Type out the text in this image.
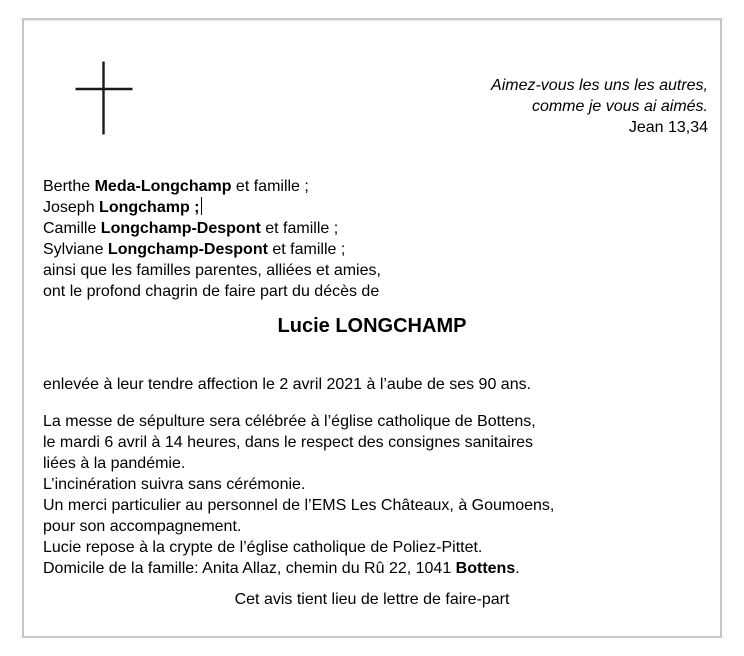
Aimez-vous les uns les autres,
comme je vous ai aimés.
Jean 13,34
Berthe Meda-Longchamp et famille ;
Joseph Longchamp ;
Camille Longchamp-Despont et famille ;
Sylviane Longchamp-Despont et famille ;
ainsi que les familles parentes, alliées et amies,
ont le profond chagrin de faire part du décès de
Lucie LONGCHAMP
enlevée à leur tendre affection le 2 avril 2021 à l’aube de ses 90 ans.
La messe de sépulture sera célébrée à l’église catholique de Bottens,
le mardi 6 avril à 14 heures, dans le respect des consignes sanitaires
liées à la pandémie.
L’incinération suivra sans cérémonie.
Un merci particulier au personnel de l’EMS Les Châteaux, à Goumoens,
pour son accompagnement.
Lucie repose à la crypte de l’église catholique de Poliez-Pittet.
Domicile de la famille: Anita Allaz, chemin du Rû 22, 1041 Bottens.
Cet avis tient lieu de lettre de faire-part
